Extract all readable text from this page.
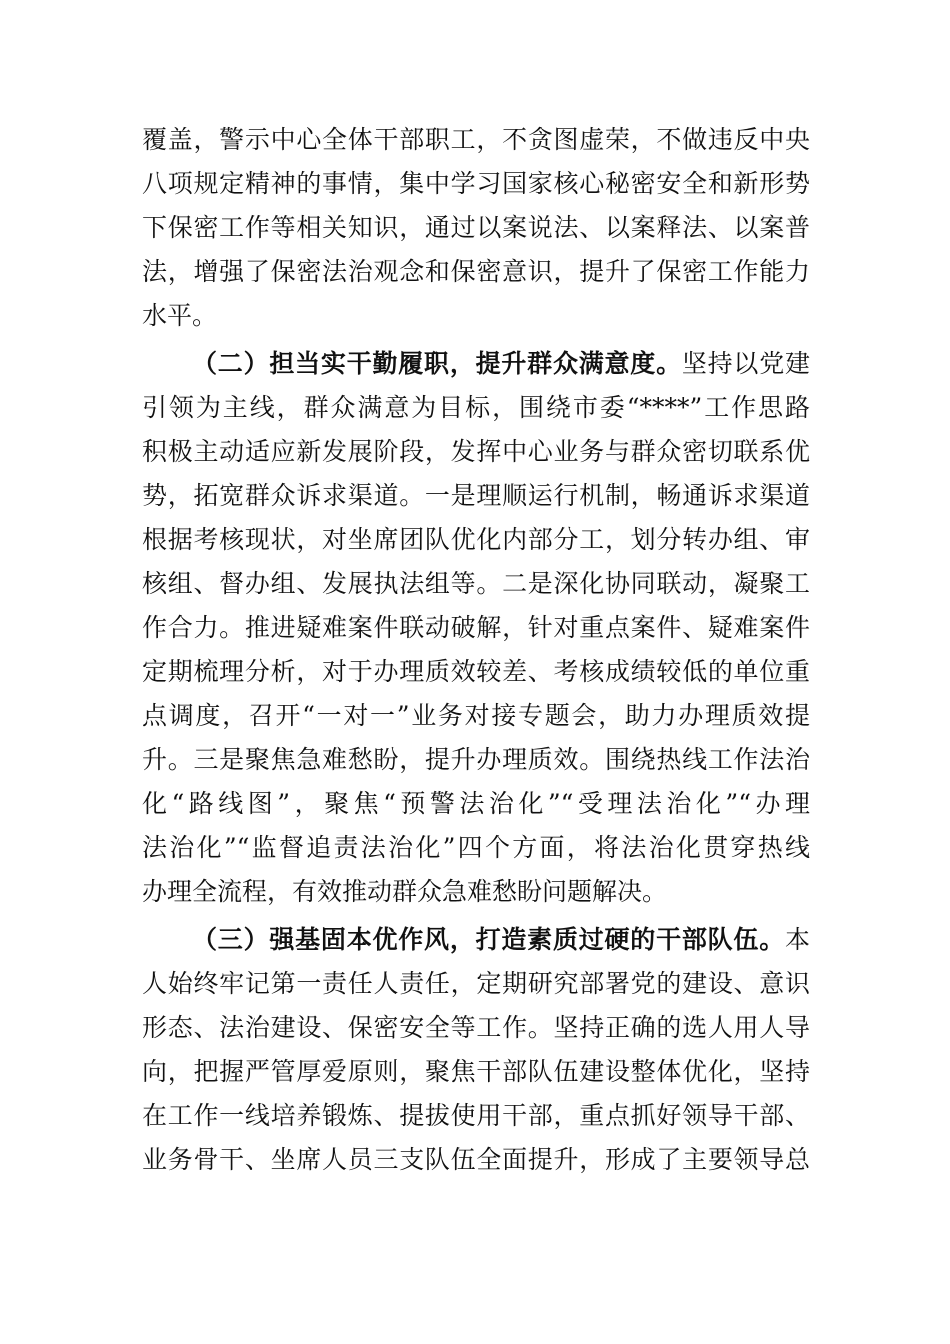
覆盖，警示中心全体干部职工，不贪图虚荣，不做违反中央
八项规定精神的事情，集中学习国家核心秘密安全和新形势
下保密工作等相关知识，通过以案说法、以案释法、以案普
法，增强了保密法治观念和保密意识，提升了保密工作能力
水平。
（二）担当实干勤履职，提升群众满意度。坚持以党建
引领为主线，群众满意为目标，围绕市委“****”工作思路
积极主动适应新发展阶段，发挥中心业务与群众密切联系优
势，拓宽群众诉求渠道。一是理顺运行机制，畅通诉求渠道
根据考核现状，对坐席团队优化内部分工，划分转办组、审
核组、督办组、发展执法组等。二是深化协同联动，凝聚工
作合力。推进疑难案件联动破解，针对重点案件、疑难案件
定期梳理分析，对于办理质效较差、考核成绩较低的单位重
点调度，召开“一对一”业务对接专题会，助力办理质效提
升。三是聚焦急难愁盼，提升办理质效。围绕热线工作法治
化“路线图”，聚焦“预警法治化”“受理法治化”“办理
法治化”“监督追责法治化”四个方面，将法治化贯穿热线
办理全流程，有效推动群众急难愁盼问题解决。
（三）强基固本优作风，打造素质过硬的干部队伍。本
人始终牢记第一责任人责任，定期研究部署党的建设、意识
形态、法治建设、保密安全等工作。坚持正确的选人用人导
向，把握严管厚爱原则，聚焦干部队伍建设整体优化，坚持
在工作一线培养锻炼、提拔使用干部，重点抓好领导干部、
业务骨干、坐席人员三支队伍全面提升，形成了主要领导总
